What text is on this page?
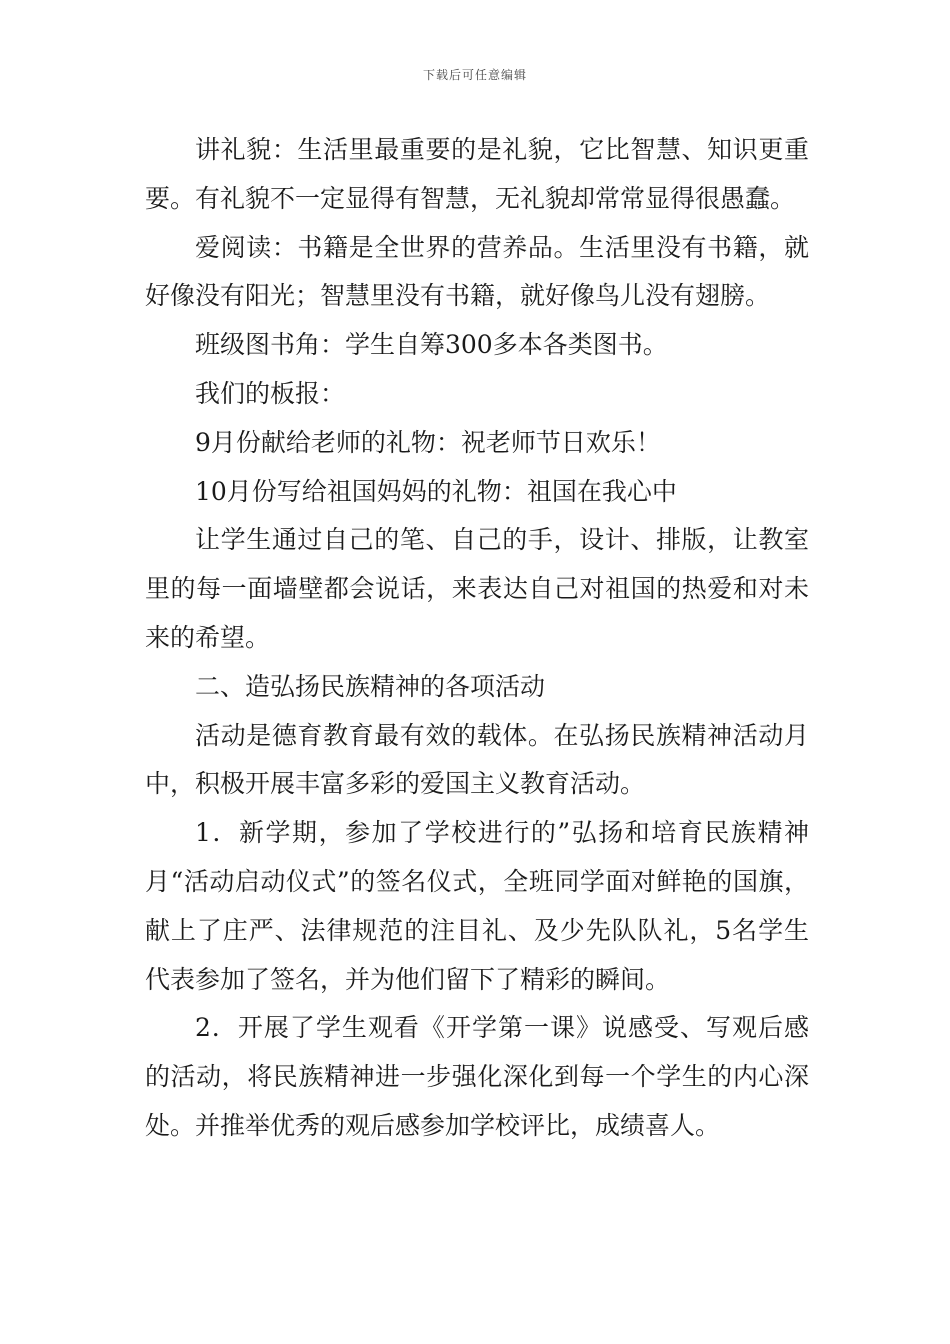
下载后可任意编辑

讲礼貌：生活里最重要的是礼貌，它比智慧、知识更重要。有礼貌不一定显得有智慧，无礼貌却常常显得很愚蠢。

爱阅读：书籍是全世界的营养品。生活里没有书籍，就好像没有阳光；智慧里没有书籍，就好像鸟儿没有翅膀。

班级图书角：学生自筹300多本各类图书。

我们的板报：

9月份献给老师的礼物：祝老师节日欢乐！

10月份写给祖国妈妈的礼物：祖国在我心中

让学生通过自己的笔、自己的手，设计、排版，让教室里的每一面墙壁都会说话，来表达自己对祖国的热爱和对未来的希望。

二、造弘扬民族精神的各项活动

活动是德育教育最有效的载体。在弘扬民族精神活动月中，积极开展丰富多彩的爱国主义教育活动。

1．新学期，参加了学校进行的”弘扬和培育民族精神月“活动启动仪式”的签名仪式，全班同学面对鲜艳的国旗，献上了庄严、法律规范的注目礼、及少先队队礼，5名学生代表参加了签名，并为他们留下了精彩的瞬间。

2．开展了学生观看《开学第一课》说感受、写观后感的活动，将民族精神进一步强化深化到每一个学生的内心深处。并推举优秀的观后感参加学校评比，成绩喜人。
